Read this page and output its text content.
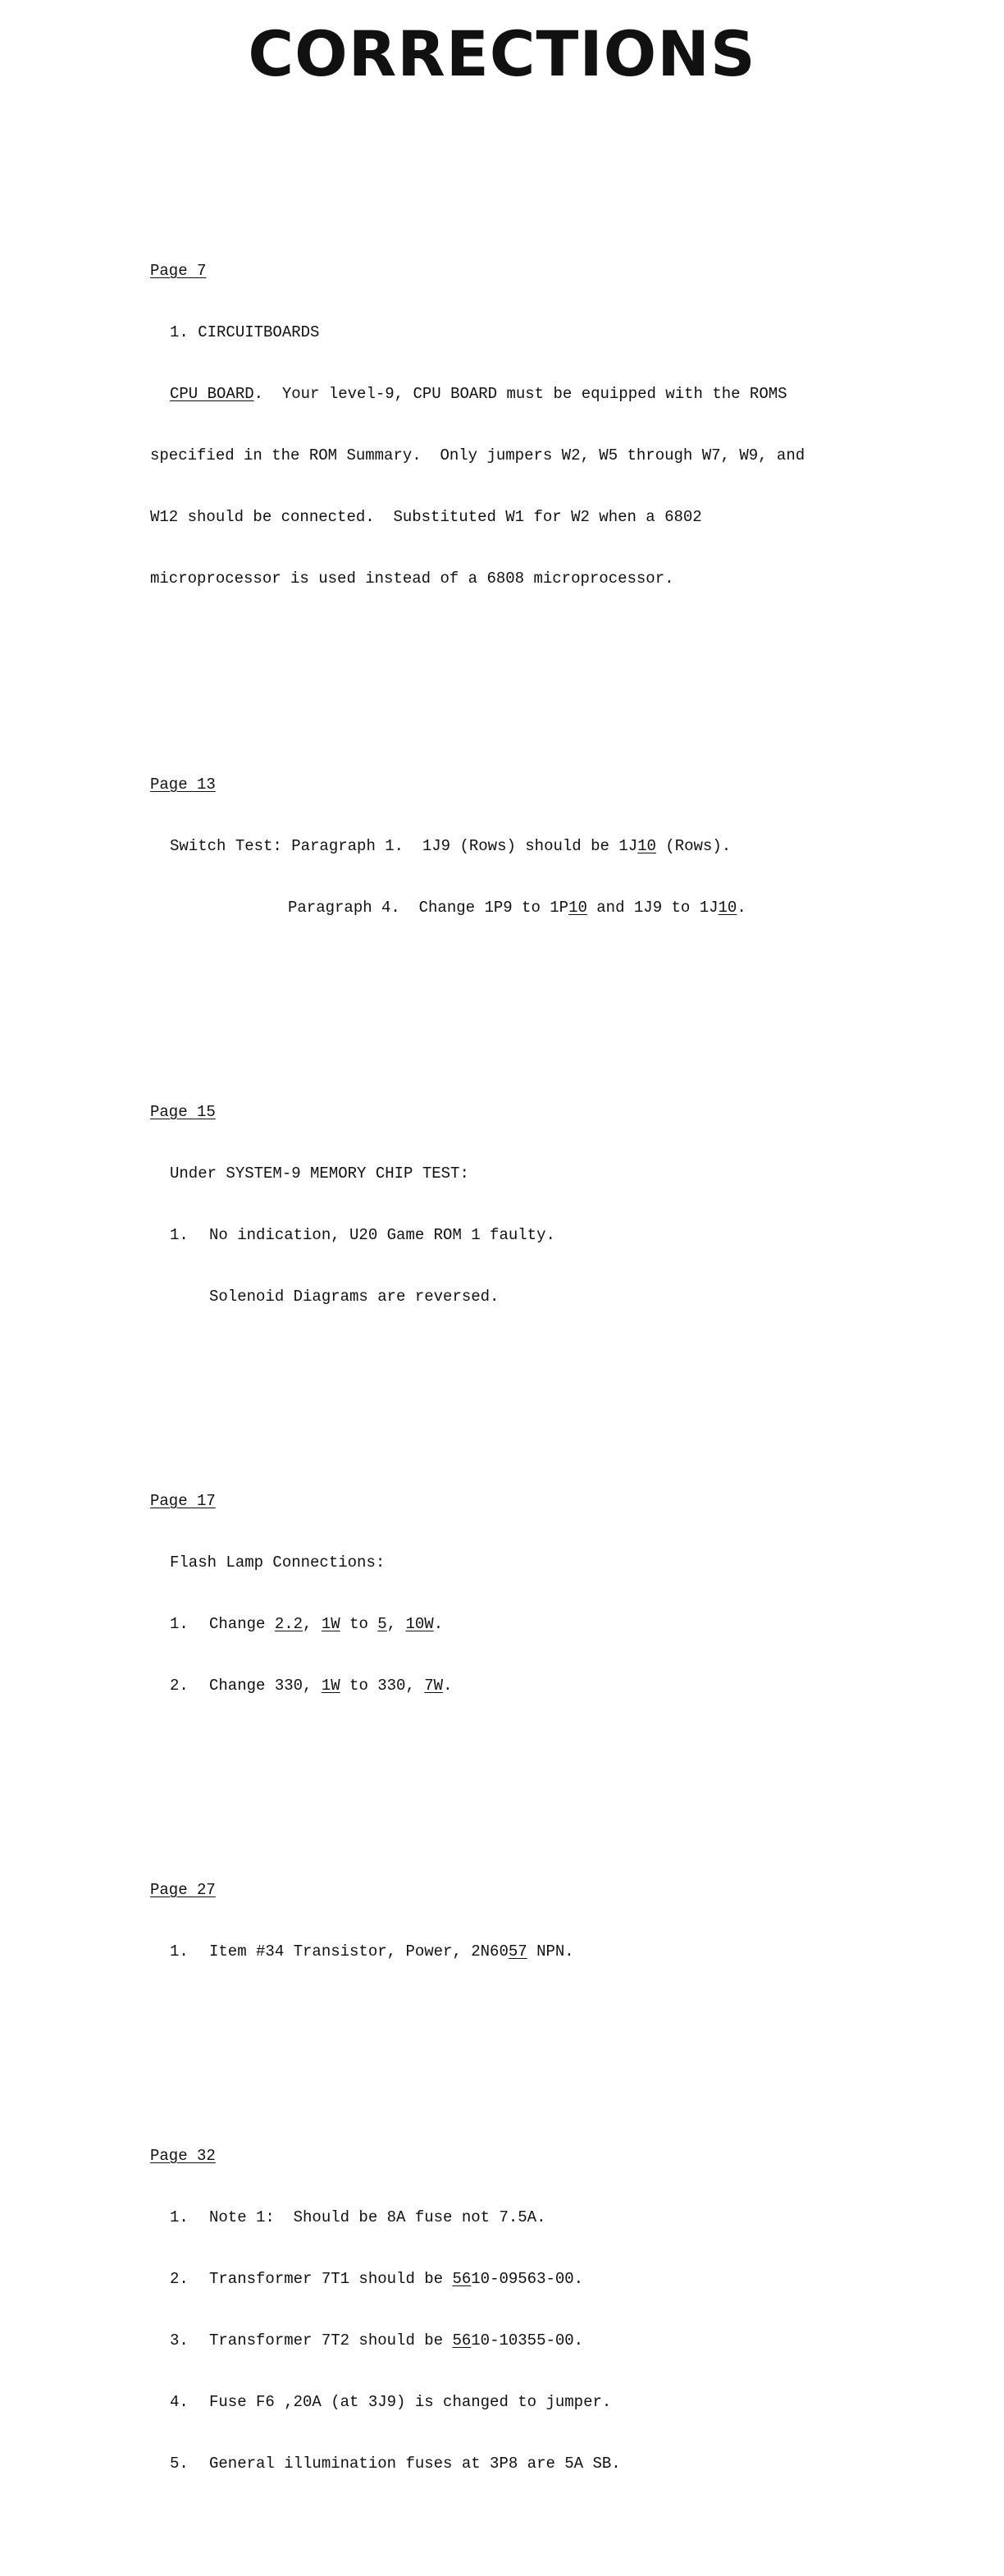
CORRECTIONS

Page 7

1. CIRCUITBOARDS

CPU BOARD.  Your level-9, CPU BOARD must be equipped with the ROMS

specified in the ROM Summary.  Only jumpers W2, W5 through W7, W9, and

W12 should be connected.  Substituted W1 for W2 when a 6802

microprocessor is used instead of a 6808 microprocessor.

Page 13

Switch Test: Paragraph 1.  1J9 (Rows) should be 1J10 (Rows).

Paragraph 4.  Change 1P9 to 1P10 and 1J9 to 1J10.

Page 15

Under SYSTEM-9 MEMORY CHIP TEST:

1. No indication, U20 Game ROM 1 faulty.

Solenoid Diagrams are reversed.

Page 17

Flash Lamp Connections:

1. Change 2.2, 1W to 5, 10W.

2. Change 330, 1W to 330, 7W.

Page 27

1. Item #34 Transistor, Power, 2N6057 NPN.

Page 32

1. Note 1:  Should be 8A fuse not 7.5A.

2. Transformer 7T1 should be 5610-09563-00.

3. Transformer 7T2 should be 5610-10355-00.

4. Fuse F6 ,20A (at 3J9) is changed to jumper.

5. General illumination fuses at 3P8 are 5A SB.
